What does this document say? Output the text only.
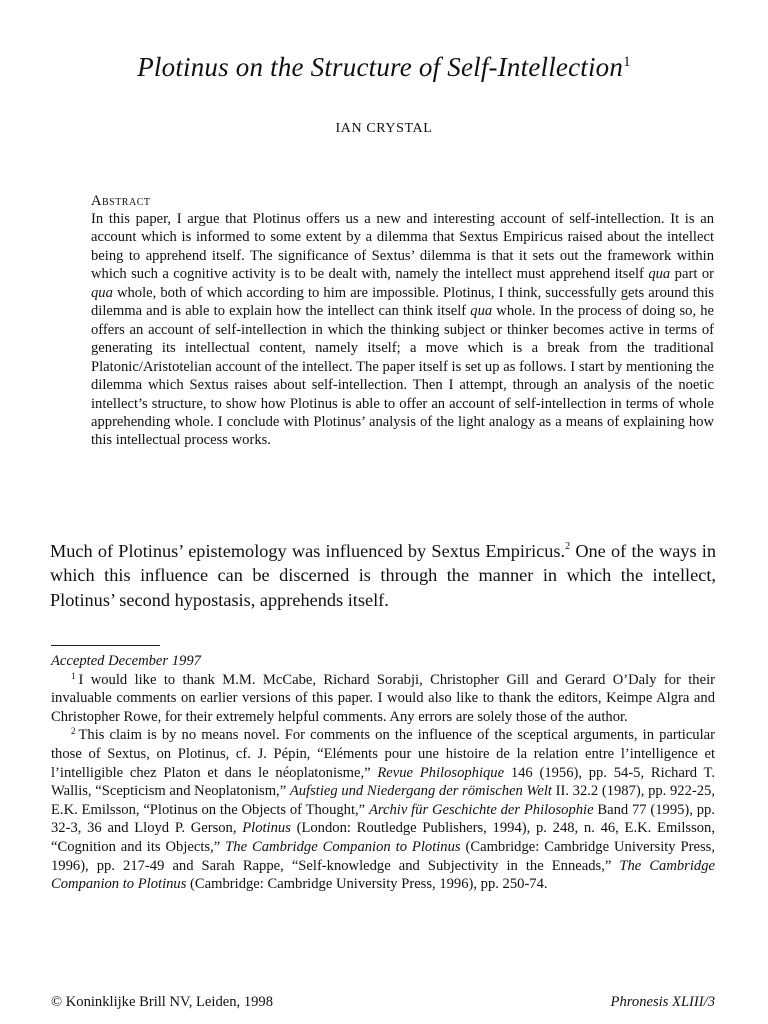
Plotinus on the Structure of Self-Intellection$^1$
IAN CRYSTAL
Abstract
In this paper, I argue that Plotinus offers us a new and interesting account of self-intellection. It is an account which is informed to some extent by a dilemma that Sextus Empiricus raised about the intellect being to apprehend itself. The significance of Sextus’ dilemma is that it sets out the framework within which such a cognitive activity is to be dealt with, namely the intellect must apprehend itself qua part or qua whole, both of which according to him are impossible. Plotinus, I think, successfully gets around this dilemma and is able to explain how the intellect can think itself qua whole. In the process of doing so, he offers an account of self-intellection in which the thinking subject or thinker becomes active in terms of generating its intellectual content, namely itself; a move which is a break from the traditional Platonic/Aristotelian account of the intellect. The paper itself is set up as follows. I start by mentioning the dilemma which Sextus raises about self-intellection. Then I attempt, through an analysis of the noetic intellect’s structure, to show how Plotinus is able to offer an account of self-intellection in terms of whole apprehending whole. I conclude with Plotinus’ analysis of the light analogy as a means of explaining how this intellectual process works.
Much of Plotinus’ epistemology was influenced by Sextus Empiricus.$^2$ One of the ways in which this influence can be discerned is through the manner in which the intellect, Plotinus’ second hypostasis, apprehends itself.
Accepted December 1997
$^1$ I would like to thank M.M. McCabe, Richard Sorabji, Christopher Gill and Gerard O’Daly for their invaluable comments on earlier versions of this paper. I would also like to thank the editors, Keimpe Algra and Christopher Rowe, for their extremely helpful comments. Any errors are solely those of the author.
$^2$ This claim is by no means novel. For comments on the influence of the sceptical arguments, in particular those of Sextus, on Plotinus, cf. J. Pépin, “Eléments pour une histoire de la relation entre l’intelligence et l’intelligible chez Platon et dans le néoplatonisme,” Revue Philosophique 146 (1956), pp. 54-5, Richard T. Wallis, “Scepticism and Neoplatonism,” Aufstieg und Niedergang der römischen Welt II. 32.2 (1987), pp. 922-25, E.K. Emilsson, “Plotinus on the Objects of Thought,” Archiv für Geschichte der Philosophie Band 77 (1995), pp. 32-3, 36 and Lloyd P. Gerson, Plotinus (London: Routledge Publishers, 1994), p. 248, n. 46, E.K. Emilsson, “Cognition and its Objects,” The Cambridge Companion to Plotinus (Cambridge: Cambridge University Press, 1996), pp. 217-49 and Sarah Rappe, “Self-knowledge and Subjectivity in the Enneads,” The Cambridge Companion to Plotinus (Cambridge: Cambridge University Press, 1996), pp. 250-74.
© Koninklijke Brill NV, Leiden, 1998	Phronesis XLIII/3
